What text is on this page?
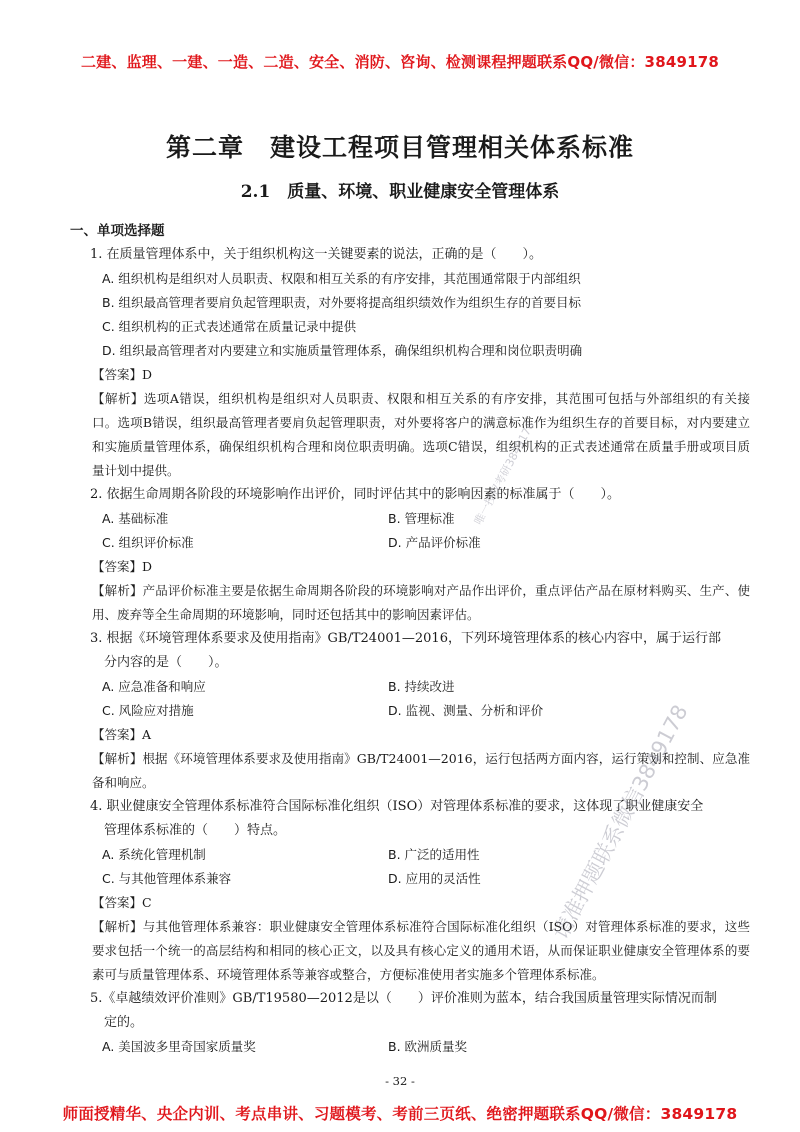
二建、监理、一建、一造、二造、安全、消防、咨询、检测课程押题联系QQ/微信：3849178
第二章　建设工程项目管理相关体系标准
2.1　质量、环境、职业健康安全管理体系
一、单项选择题
1. 在质量管理体系中，关于组织机构这一关键要素的说法，正确的是（　　）。
A. 组织机构是组织对人员职责、权限和相互关系的有序安排，其范围通常限于内部组织
B. 组织最高管理者要肩负起管理职责，对外要将提高组织绩效作为组织生存的首要目标
C. 组织机构的正式表述通常在质量记录中提供
D. 组织最高管理者对内要建立和实施质量管理体系，确保组织机构合理和岗位职责明确
【答案】D
【解析】选项A错误，组织机构是组织对人员职责、权限和相互关系的有序安排，其范围可包括与外部组织的有关接口。选项B错误，组织最高管理者要肩负起管理职责，对外要将客户的满意标准作为组织生存的首要目标，对内要建立和实施质量管理体系，确保组织机构合理和岗位职责明确。选项C错误，组织机构的正式表述通常在质量手册或项目质量计划中提供。
2. 依据生命周期各阶段的环境影响作出评价，同时评估其中的影响因素的标准属于（　　）。
A. 基础标准	B. 管理标准
C. 组织评价标准	D. 产品评价标准
【答案】D
【解析】产品评价标准主要是依据生命周期各阶段的环境影响对产品作出评价，重点评估产品在原材料购买、生产、使用、废弃等全生命周期的环境影响，同时还包括其中的影响因素评估。
3. 根据《环境管理体系要求及使用指南》GB/T24001—2016，下列环境管理体系的核心内容中，属于运行部
分内容的是（　　）。
A. 应急准备和响应	B. 持续改进
C. 风险应对措施	D. 监视、测量、分析和评价
【答案】A
【解析】根据《环境管理体系要求及使用指南》GB/T24001—2016，运行包括两方面内容，运行策划和控制、应急准备和响应。
4. 职业健康安全管理体系标准符合国际标准化组织（ISO）对管理体系标准的要求，这体现了职业健康安全
管理体系标准的（　　）特点。
A. 系统化管理机制	B. 广泛的适用性
C. 与其他管理体系兼容	D. 应用的灵活性
【答案】C
【解析】与其他管理体系兼容：职业健康安全管理体系标准符合国际标准化组织（ISO）对管理体系标准的要求，这些要求包括一个统一的高层结构和相同的核心正文，以及具有核心定义的通用术语，从而保证职业健康安全管理体系的要素可与质量管理体系、环境管理体系等兼容或整合，方便标准使用者实施多个管理体系标准。
5.《卓越绩效评价准则》GB/T19580—2012是以（　　）评价准则为蓝本，结合我国质量管理实际情况而制
定的。
A. 美国波多里奇国家质量奖	B. 欧洲质量奖
唯一授权考研3849178
请准押题联系微信3849178
- 32 -
师面授精华、央企内训、考点串讲、习题模考、考前三页纸、绝密押题联系QQ/微信：3849178
